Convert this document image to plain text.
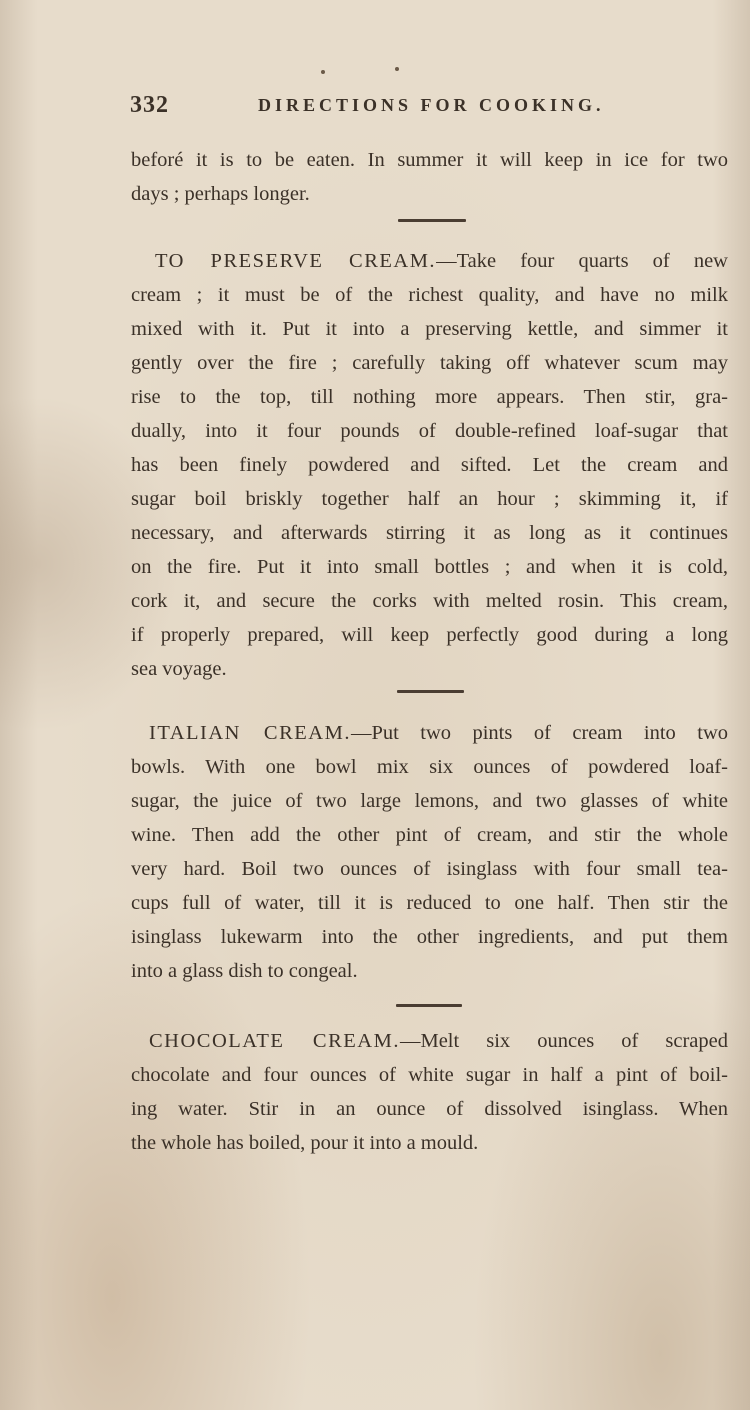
332	DIRECTIONS FOR COOKING.
beforé it is to be eaten. In summer it will keep in ice for two
days ; perhaps longer.
TO PRESERVE CREAM.—Take four quarts of new
cream ; it must be of the richest quality, and have no milk
mixed with it. Put it into a preserving kettle, and simmer it
gently over the fire ; carefully taking off whatever scum may
rise to the top, till nothing more appears. Then stir, gra-
dually, into it four pounds of double-refined loaf-sugar that
has been finely powdered and sifted. Let the cream and
sugar boil briskly together half an hour ; skimming it, if
necessary, and afterwards stirring it as long as it continues
on the fire. Put it into small bottles ; and when it is cold,
cork it, and secure the corks with melted rosin. This cream,
if properly prepared, will keep perfectly good during a long
sea voyage.
ITALIAN CREAM.—Put two pints of cream into two
bowls. With one bowl mix six ounces of powdered loaf-
sugar, the juice of two large lemons, and two glasses of white
wine. Then add the other pint of cream, and stir the whole
very hard. Boil two ounces of isinglass with four small tea-
cups full of water, till it is reduced to one half. Then stir the
isinglass lukewarm into the other ingredients, and put them
into a glass dish to congeal.
CHOCOLATE CREAM.—Melt six ounces of scraped
chocolate and four ounces of white sugar in half a pint of boil-
ing water. Stir in an ounce of dissolved isinglass. When
the whole has boiled, pour it into a mould.
